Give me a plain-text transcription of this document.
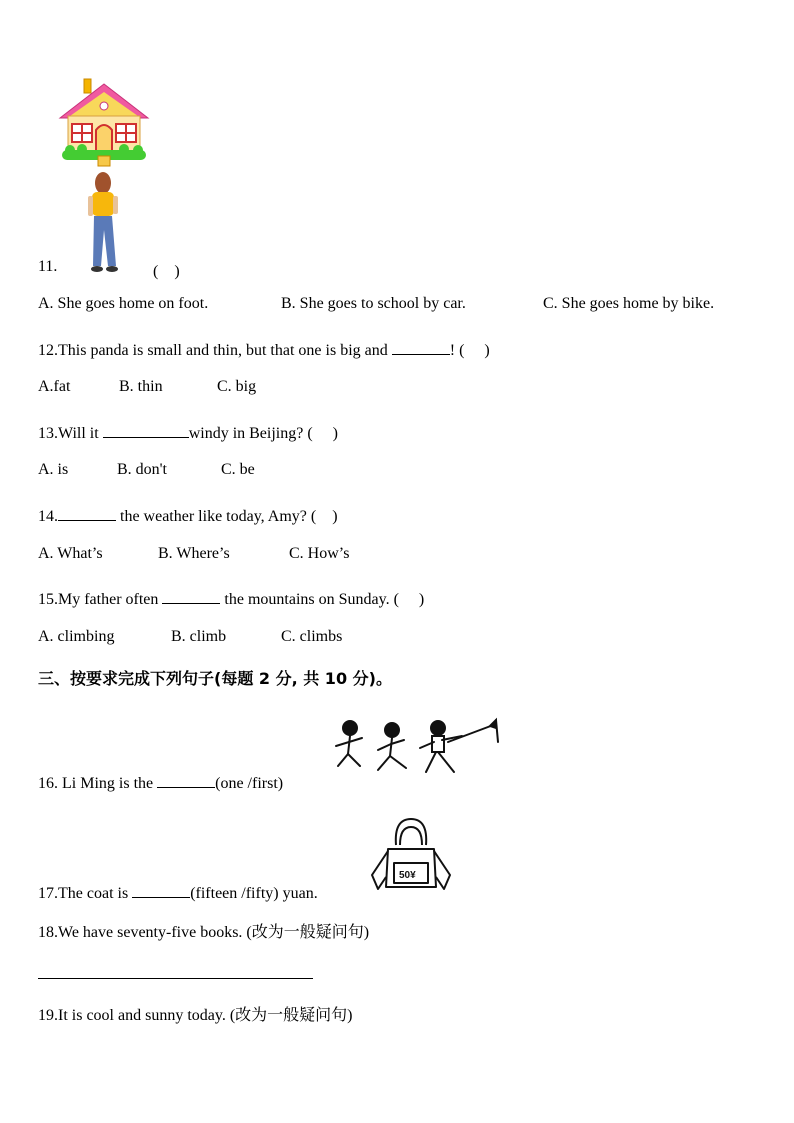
11.	(　)
A. She goes home on foot.	B. She goes to school by car.	C. She goes home by bike.
12.This panda is small and thin, but that one is big and	! (　 )
A.fat	B. thin	C. big
13.Will it	windy in Beijing? (　 )
A. is	B. don't	C. be
14.	the weather like today, Amy? (　)
A. What’s	B. Where’s	C. How’s
15.My father often	the mountains on Sunday. (　 )
A. climbing	B. climb	C. climbs
三、按要求完成下列句子(每题 2 分, 共 10 分)。
16. Li Ming is the	(one /first)
50¥
17.The coat is	(fifteen /fifty) yuan.
18.We have seventy-five books. (改为一般疑问句)
19.It is cool and sunny today. (改为一般疑问句)
